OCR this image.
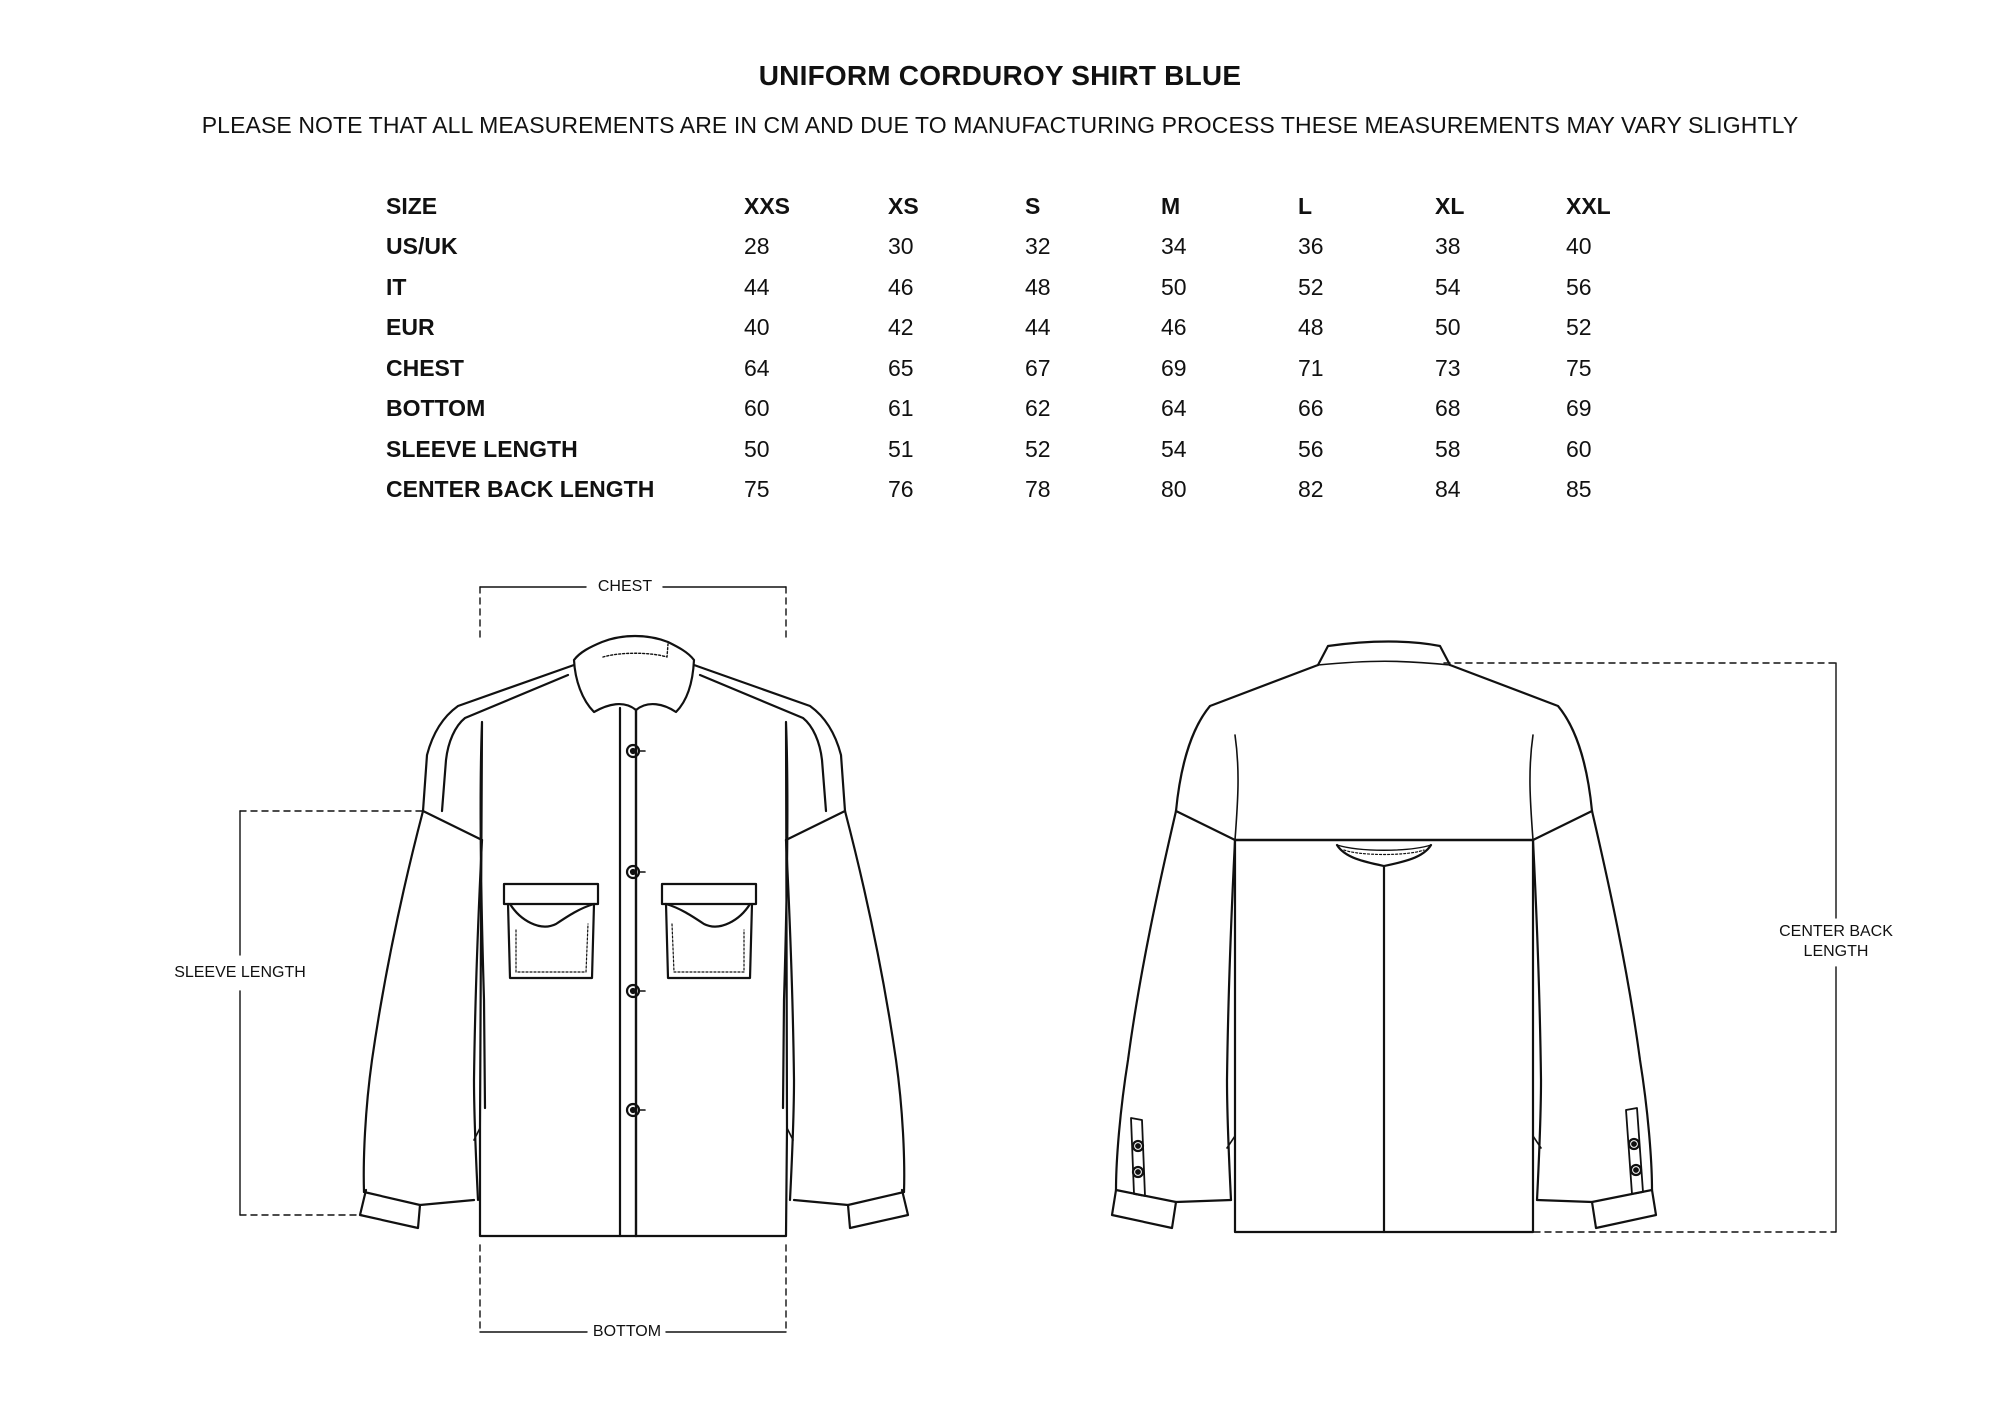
UNIFORM CORDUROY SHIRT BLUE
PLEASE NOTE THAT ALL MEASUREMENTS ARE IN CM AND DUE TO MANUFACTURING PROCESS THESE MEASUREMENTS MAY VARY SLIGHTLY
SIZE	XXS	XS	S	M	L	XL	XXL
US/UK	28	30	32	34	36	38	40
IT	44	46	48	50	52	54	56
EUR	40	42	44	46	48	50	52
CHEST	64	65	67	69	71	73	75
BOTTOM	60	61	62	64	66	68	69
SLEEVE LENGTH	50	51	52	54	56	58	60
CENTER BACK LENGTH	75	76	78	80	82	84	85
CHEST
BOTTOM
SLEEVE LENGTH
CENTER BACK
LENGTH
